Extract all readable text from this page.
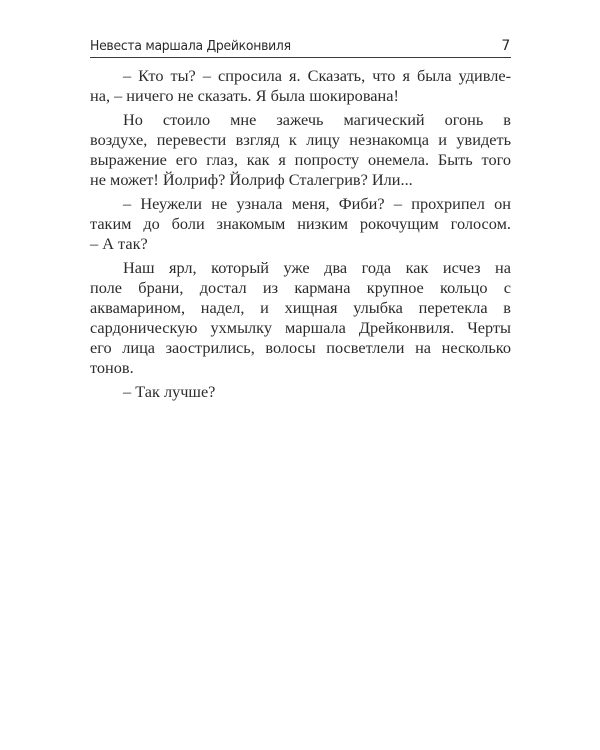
Невеста маршала Дрейконвиля	7
– Кто ты? – спросила я. Сказать, что я была удивле-
на, – ничего не сказать. Я была шокирована!
Но стоило мне зажечь магический огонь в
воздухе, перевести взгляд к лицу незнакомца и увидеть
выражение его глаз, как я попросту онемела. Быть того
не может! Йолриф? Йолриф Сталегрив? Или...
– Неужели не узнала меня, Фиби? – прохрипел он
таким до боли знакомым низким рокочущим голосом.
– А так?
Наш ярл, который уже два года как исчез на
поле брани, достал из кармана крупное кольцо с
аквамарином, надел, и хищная улыбка перетекла в
сардоническую ухмылку маршала Дрейконвиля. Черты
его лица заострились, волосы посветлели на несколько
тонов.
– Так лучше?
